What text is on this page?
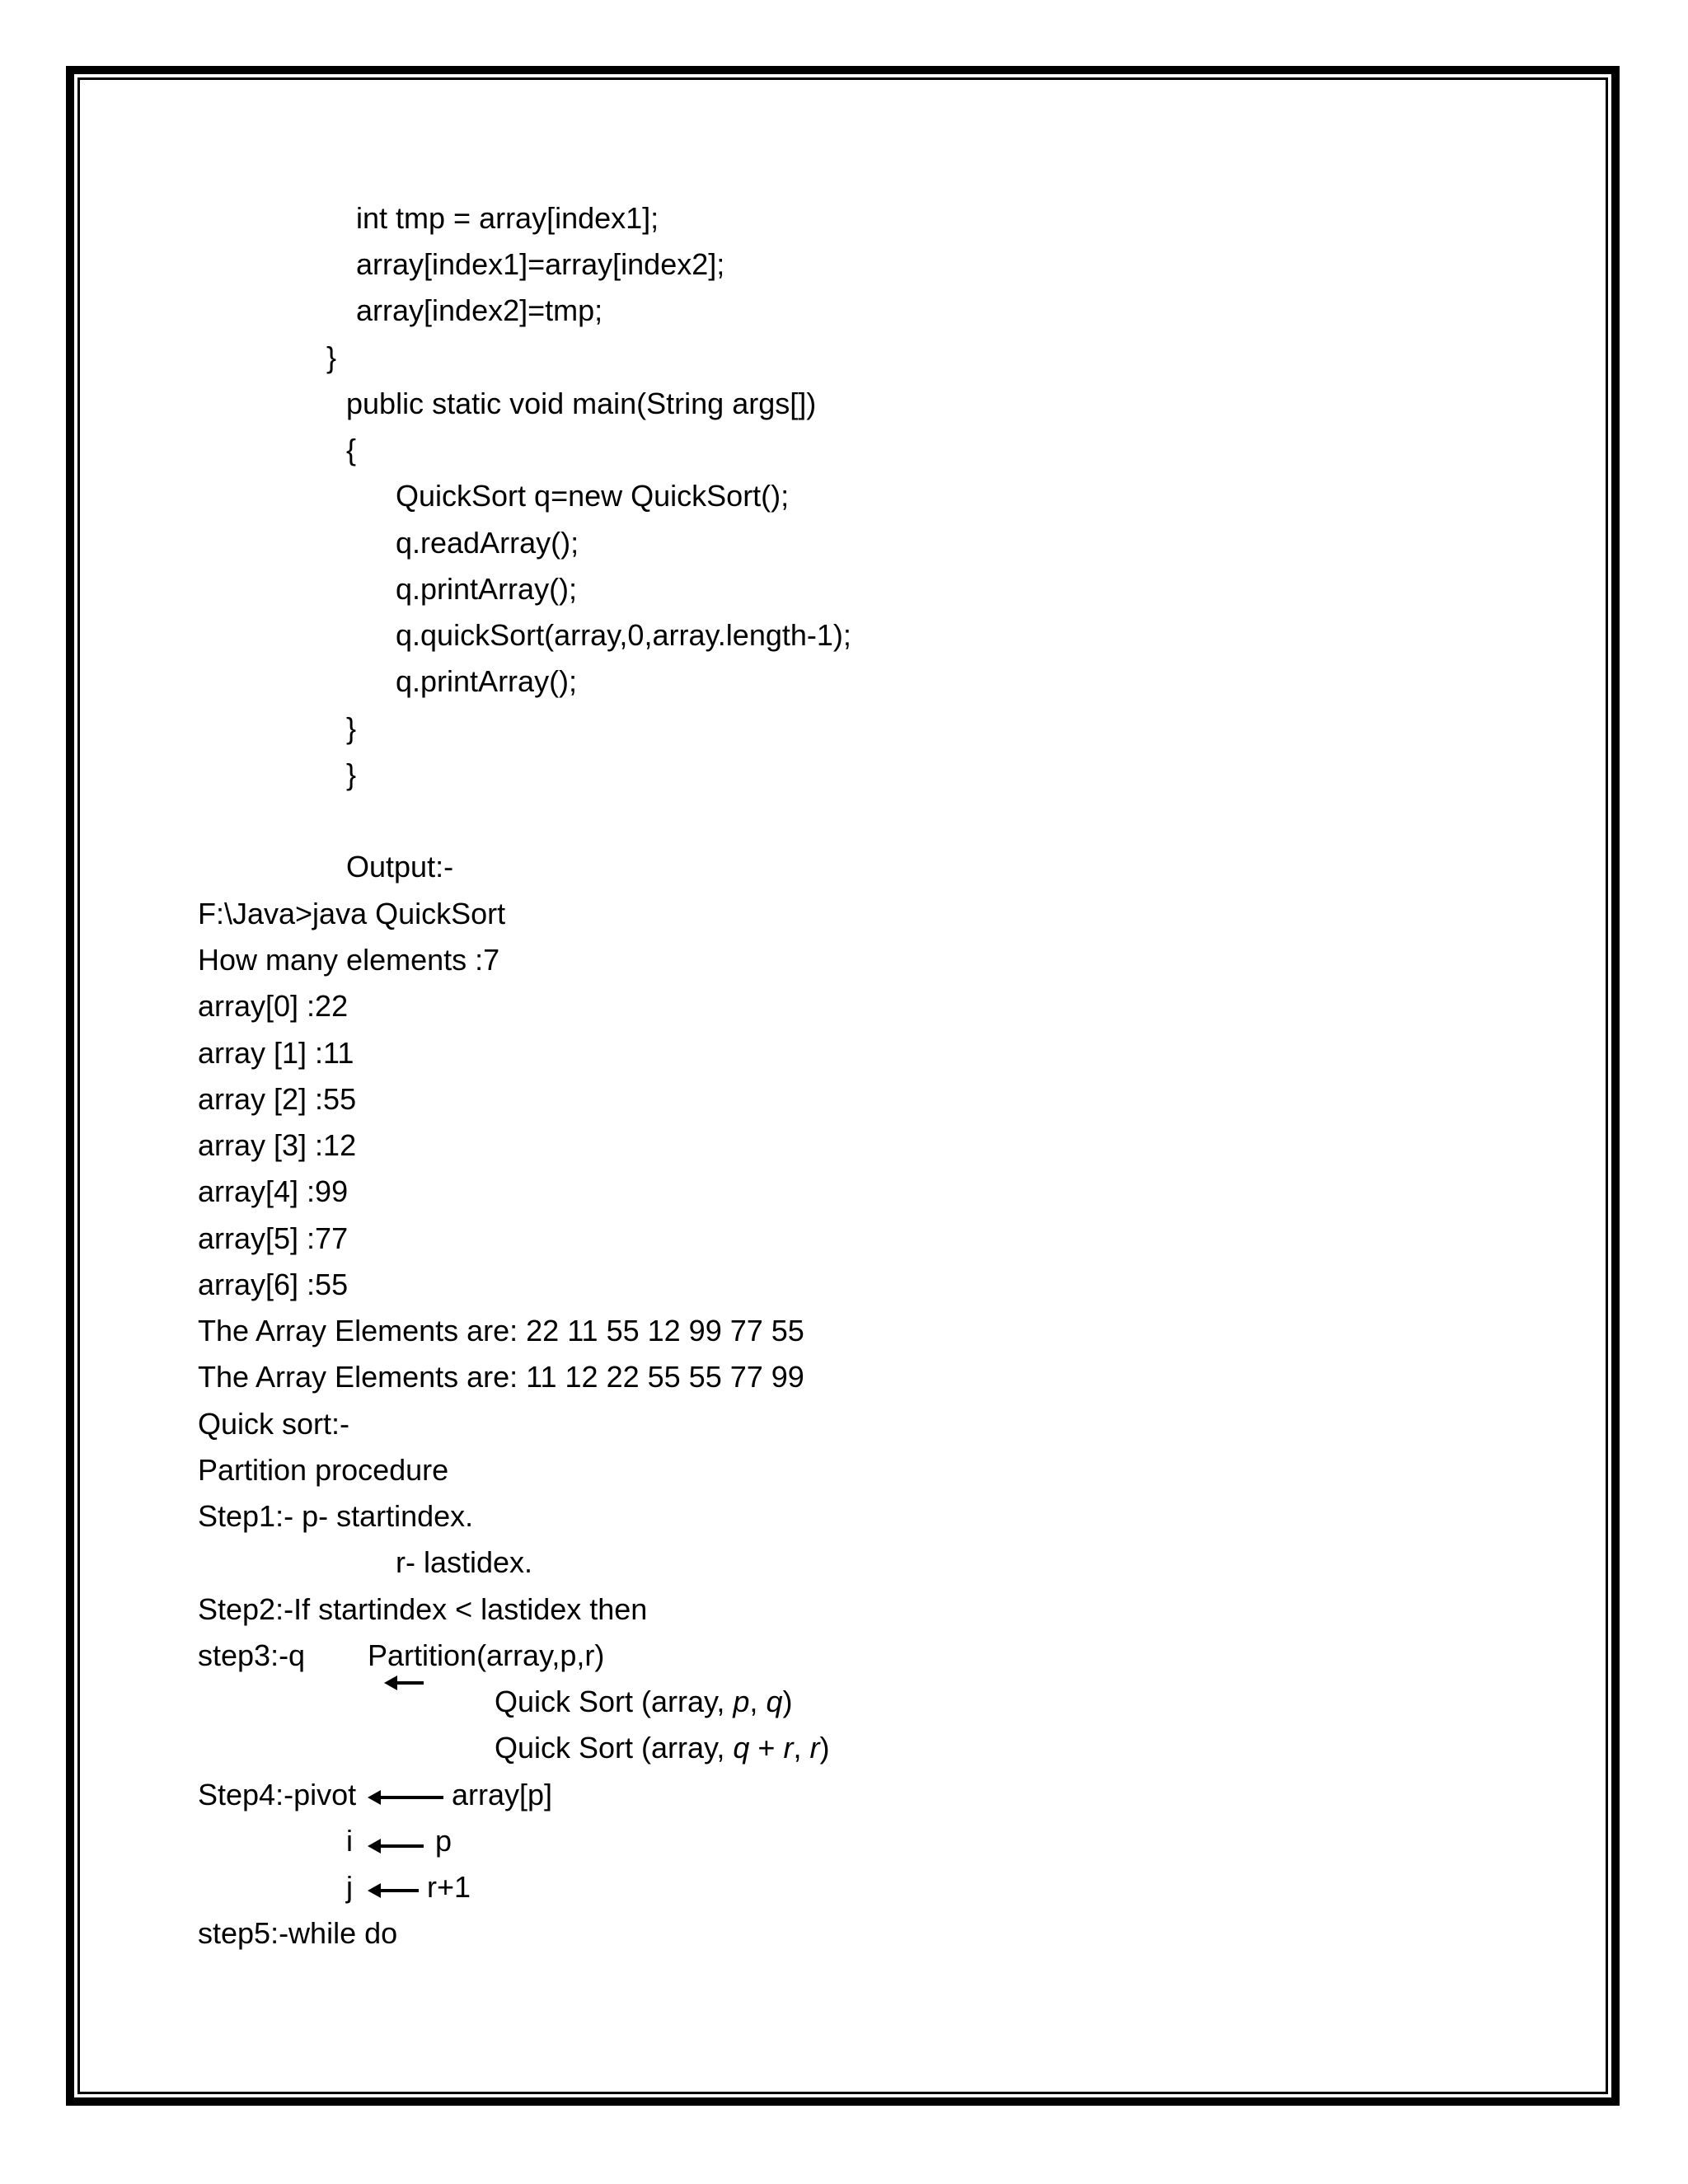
int tmp = array[index1];

array[index1]=array[index2];

array[index2]=tmp;

}

public static void main(String args[])

{

QuickSort q=new QuickSort();

q.readArray();

q.printArray();

q.quickSort(array,0,array.length-1);

q.printArray();

}

}

Output:-

F:\Java>java QuickSort

How many elements :7

array[0] :22

array [1] :11

array [2] :55

array [3] :12

array[4] :99

array[5] :77

array[6] :55

The Array Elements are: 22 11 55 12 99 77 55

The Array Elements are: 11 12 22 55 55 77 99

Quick sort:-

Partition procedure

Step1:- p- startindex.

r- lastidex.

Step2:-If startindex < lastidex then

step3:-q Partition(array,p,r)

Quick Sort (array, p, q)

Quick Sort (array, q + r, r)

Step4:-pivot	array[p]

i	p

j	r+1

step5:-while do
